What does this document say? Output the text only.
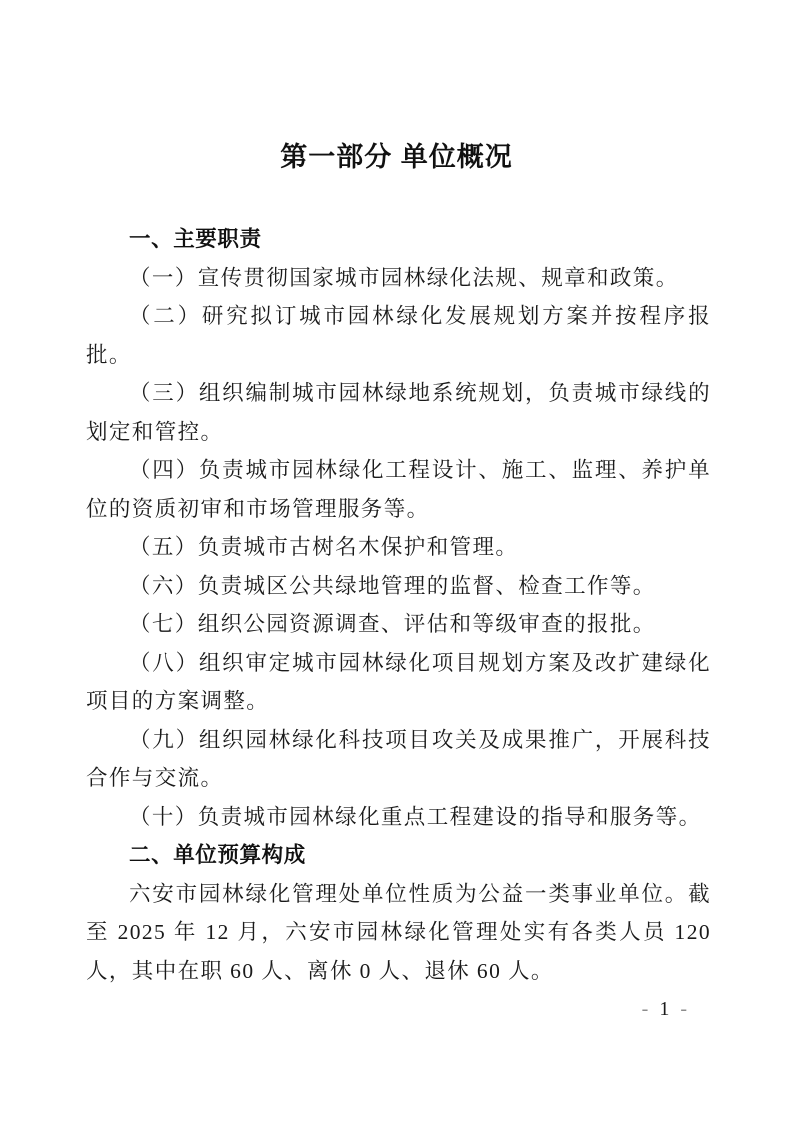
第一部分 单位概况
一、主要职责

（一）宣传贯彻国家城市园林绿化法规、规章和政策。

（二）研究拟订城市园林绿化发展规划方案并按程序报批。

（三）组织编制城市园林绿地系统规划，负责城市绿线的划定和管控。

（四）负责城市园林绿化工程设计、施工、监理、养护单位的资质初审和市场管理服务等。

（五）负责城市古树名木保护和管理。

（六）负责城区公共绿地管理的监督、检查工作等。

（七）组织公园资源调查、评估和等级审查的报批。

（八）组织审定城市园林绿化项目规划方案及改扩建绿化项目的方案调整。

（九）组织园林绿化科技项目攻关及成果推广，开展科技合作与交流。

（十）负责城市园林绿化重点工程建设的指导和服务等。

二、单位预算构成

六安市园林绿化管理处单位性质为公益一类事业单位。截至 2025 年 12 月，六安市园林绿化管理处实有各类人员 120 人，其中在职 60 人、离休 0 人、退休 60 人。

- 1 -
